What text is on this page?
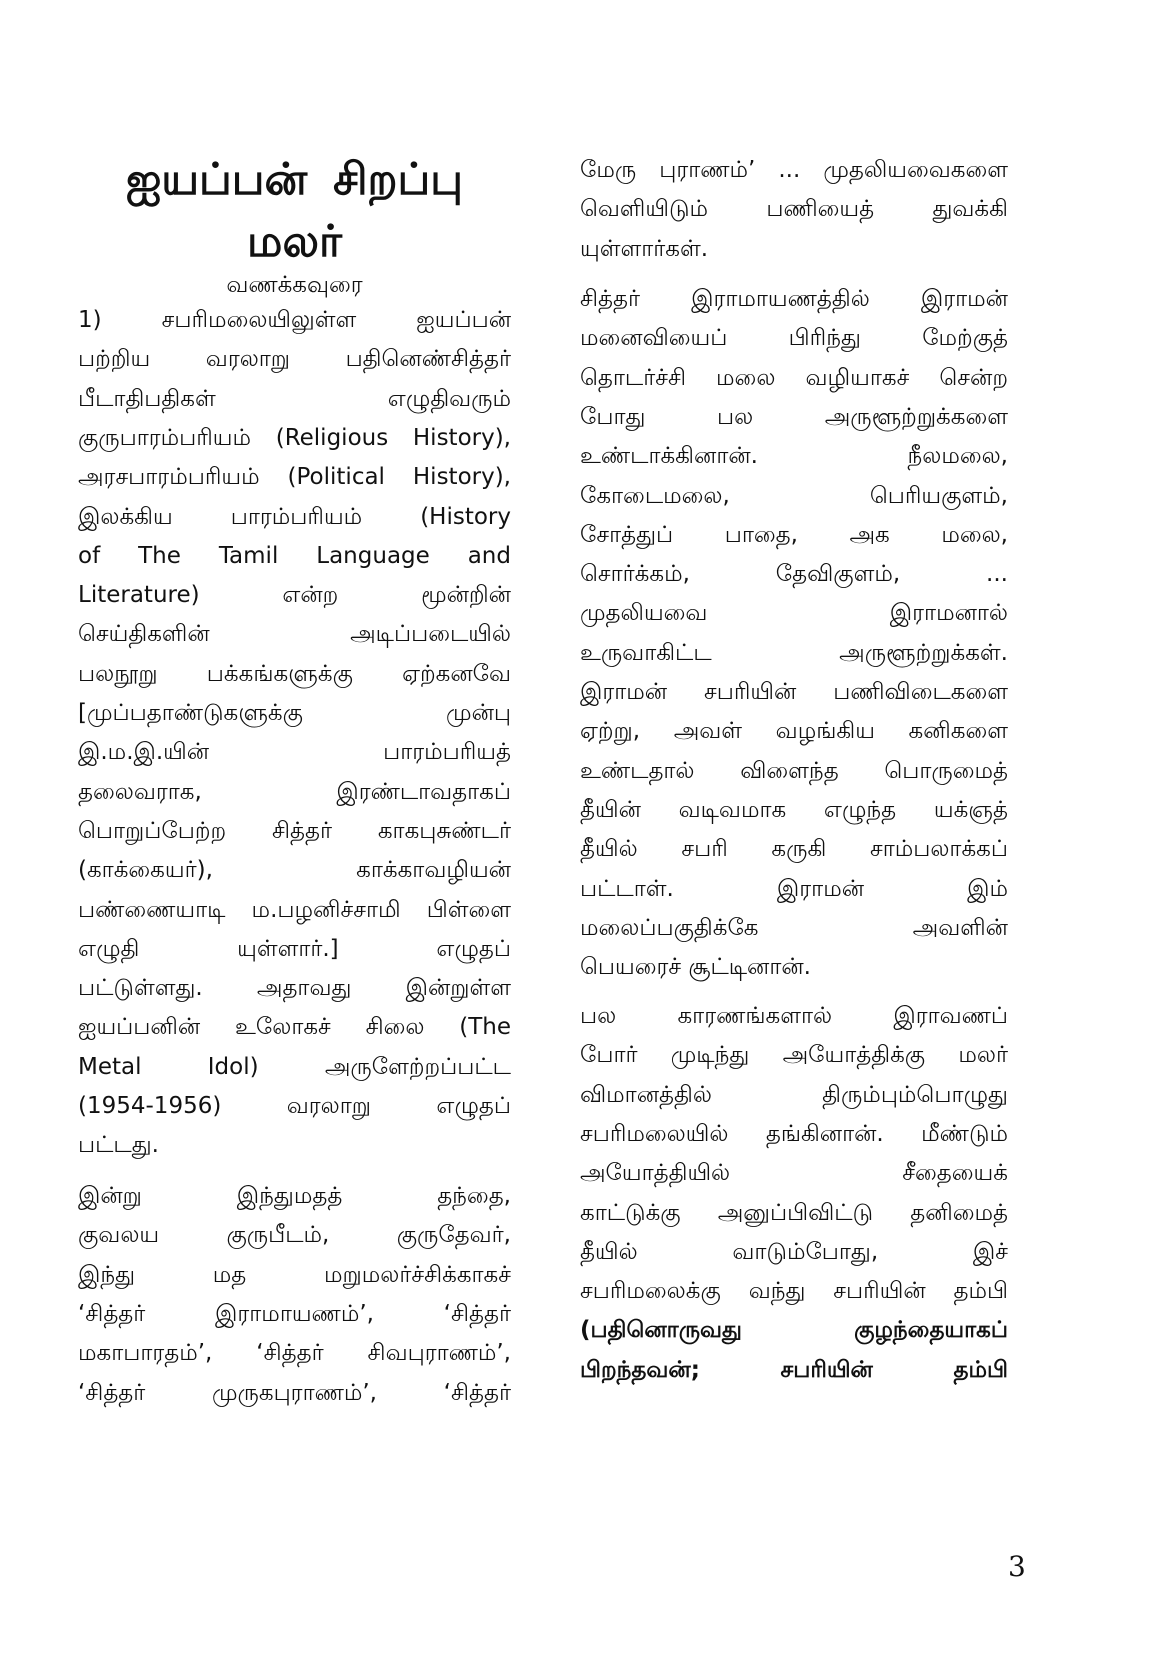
ஐயப்பன் சிறப்பு
மலர்
வணக்கவுரை
1) சபரிமலையிலுள்ள ஐயப்பன்
பற்றிய வரலாறு பதினெண்சித்தர்
பீடாதிபதிகள் எழுதிவரும்
குருபாரம்பரியம் (Religious History),
அரசபாரம்பரியம் (Political History),
இலக்கிய பாரம்பரியம் (History
of The Tamil Language and
Literature) என்ற மூன்றின்
செய்திகளின் அடிப்படையில்
பலநூறு பக்கங்களுக்கு ஏற்கனவே
[முப்பதாண்டுகளுக்கு முன்பு
இ.ம.இ.யின் பாரம்பரியத்
தலைவராக, இரண்டாவதாகப்
பொறுப்பேற்ற சித்தர் காகபுசுண்டர்
(காக்கையர்), காக்காவழியன்
பண்ணையாடி ம.பழனிச்சாமி பிள்ளை
எழுதி யுள்ளார்.] எழுதப்
பட்டுள்ளது. அதாவது இன்றுள்ள
ஐயப்பனின் உலோகச் சிலை (The
Metal Idol) அருளேற்றப்பட்ட
(1954-1956) வரலாறு எழுதப்
பட்டது.
இன்று இந்துமதத் தந்தை,
குவலய குருபீடம், குருதேவர்,
இந்து மத மறுமலர்ச்சிக்காகச்
‘சித்தர் இராமாயணம்’, ‘சித்தர்
மகாபாரதம்’, ‘சித்தர் சிவபுராணம்’,
‘சித்தர் முருகபுராணம்’, ‘சித்தர்
மேரு புராணம்’ ... முதலியவைகளை
வெளியிடும் பணியைத் துவக்கி
யுள்ளார்கள்.
சித்தர் இராமாயணத்தில் இராமன்
மனைவியைப் பிரிந்து மேற்குத்
தொடர்ச்சி மலை வழியாகச் சென்ற
போது பல அருளூற்றுக்களை
உண்டாக்கினான். நீலமலை,
கோடைமலை, பெரியகுளம்,
சோத்துப் பாதை, அக மலை,
சொர்க்கம், தேவிகுளம், ...
முதலியவை இராமனால்
உருவாகிட்ட அருளூற்றுக்கள்.
இராமன் சபரியின் பணிவிடைகளை
ஏற்று, அவள் வழங்கிய கனிகளை
உண்டதால் விளைந்த பொருமைத்
தீயின் வடிவமாக எழுந்த யக்ஞத்
தீயில் சபரி கருகி சாம்பலாக்கப்
பட்டாள். இராமன் இம்
மலைப்பகுதிக்கே அவளின்
பெயரைச் சூட்டினான்.
பல காரணங்களால் இராவணப்
போர் முடிந்து அயோத்திக்கு மலர்
விமானத்தில் திரும்பும்பொழுது
சபரிமலையில் தங்கினான். மீண்டும்
அயோத்தியில் சீதையைக்
காட்டுக்கு அனுப்பிவிட்டு தனிமைத்
தீயில் வாடும்போது, இச்
சபரிமலைக்கு வந்து சபரியின் தம்பி
(பதினொருவது குழந்தையாகப்
பிறந்தவன்; சபரியின் தம்பி
3
